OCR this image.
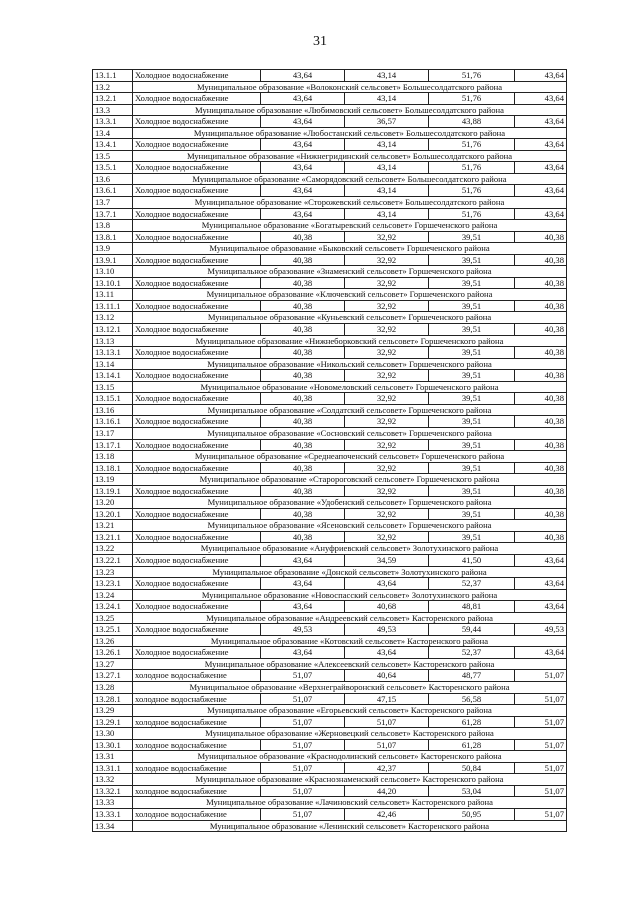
31
13.1.1	Холодное водоснабжение	43,64	43,14	51,76	43,64
13.2	Муниципальное образование «Волоконский сельсовет» Большесолдатского района
13.2.1	Холодное водоснабжение	43,64	43,14	51,76	43,64
13.3	Муниципальное образование «Любимовский сельсовет» Большесолдатского района
13.3.1	Холодное водоснабжение	43,64	36,57	43,88	43,64
13.4	Муниципальное образование «Любостанский сельсовет» Большесолдатского района
13.4.1	Холодное водоснабжение	43,64	43,14	51,76	43,64
13.5	Муниципальное образование «Нижнегридинский сельсовет» Большесолдатского района
13.5.1	Холодное водоснабжение	43,64	43,14	51,76	43,64
13.6	Муниципальное образование «Саморядовский сельсовет» Большесолдатского района
13.6.1	Холодное водоснабжение	43,64	43,14	51,76	43,64
13.7	Муниципальное образование «Сторожевский сельсовет» Большесолдатского района
13.7.1	Холодное водоснабжение	43,64	43,14	51,76	43,64
13.8	Муниципальное образование «Богатыревский сельсовет» Горшеченского района
13.8.1	Холодное водоснабжение	40,38	32,92	39,51	40,38
13.9	Муниципальное образование «Быковский сельсовет» Горшеченского района
13.9.1	Холодное водоснабжение	40,38	32,92	39,51	40,38
13.10	Муниципальное образование «Знаменский сельсовет» Горшеченского района
13.10.1	Холодное водоснабжение	40,38	32,92	39,51	40,38
13.11	Муниципальное образование «Ключевский сельсовет» Горшеченского района
13.11.1	Холодное водоснабжение	40,38	32,92	39,51	40,38
13.12	Муниципальное образование «Куньевский сельсовет» Горшеченского района
13.12.1	Холодное водоснабжение	40,38	32,92	39,51	40,38
13.13	Муниципальное образование «Нижнеборковский сельсовет» Горшеченского района
13.13.1	Холодное водоснабжение	40,38	32,92	39,51	40,38
13.14	Муниципальное образование «Никольский сельсовет» Горшеченского района
13.14.1	Холодное водоснабжение	40,38	32,92	39,51	40,38
13.15	Муниципальное образование «Новомеловский сельсовет» Горшеченского района
13.15.1	Холодное водоснабжение	40,38	32,92	39,51	40,38
13.16	Муниципальное образование «Солдатский сельсовет» Горшеченского района
13.16.1	Холодное водоснабжение	40,38	32,92	39,51	40,38
13.17	Муниципальное образование «Сосновский сельсовет» Горшеченского района
13.17.1	Холодное водоснабжение	40,38	32,92	39,51	40,38
13.18	Муниципальное образование «Среднеапоченский сельсовет» Горшеченского района
13.18.1	Холодное водоснабжение	40,38	32,92	39,51	40,38
13.19	Муниципальное образование «Старороговский сельсовет» Горшеченского района
13.19.1	Холодное водоснабжение	40,38	32,92	39,51	40,38
13.20	Муниципальное образование «Удобенский сельсовет» Горшеченского района
13.20.1	Холодное водоснабжение	40,38	32,92	39,51	40,38
13.21	Муниципальное образование «Ясеновский сельсовет» Горшеченского района
13.21.1	Холодное водоснабжение	40,38	32,92	39,51	40,38
13.22	Муниципальное образование «Ануфриевский сельсовет» Золотухинского района
13.22.1	Холодное водоснабжение	43,64	34,59	41,50	43,64
13.23	Муниципальное образование «Донской сельсовет» Золотухинского района
13.23.1	Холодное водоснабжение	43,64	43,64	52,37	43,64
13.24	Муниципальное образование «Новоспасский сельсовет» Золотухинского района
13.24.1	Холодное водоснабжение	43,64	40,68	48,81	43,64
13.25	Муниципальное образование «Андреевский сельсовет» Касторенского района
13.25.1	Холодное водоснабжение	49,53	49,53	59,44	49,53
13.26	Муниципальное образование «Котовский сельсовет» Касторенского района
13.26.1	Холодное водоснабжение	43,64	43,64	52,37	43,64
13.27	Муниципальное образование «Алексеевский сельсовет» Касторенского района
13.27.1	холодное водоснабжение	51,07	40,64	48,77	51,07
13.28	Муниципальное образование «Верхнеграйворонский сельсовет» Касторенского района
13.28.1	холодное водоснабжение	51,07	47,15	56,58	51,07
13.29	Муниципальное образование «Егорьевский сельсовет» Касторенского района
13.29.1	холодное водоснабжение	51,07	51,07	61,28	51,07
13.30	Муниципальное образование «Жерновецкий сельсовет» Касторенского района
13.30.1	холодное водоснабжение	51,07	51,07	61,28	51,07
13.31	Муниципальное образование «Краснодолинский сельсовет» Касторенского района
13.31.1	холодное водоснабжение	51,07	42,37	50,84	51,07
13.32	Муниципальное образование «Краснознаменский сельсовет» Касторенского района
13.32.1	холодное водоснабжение	51,07	44,20	53,04	51,07
13.33	Муниципальное образование «Лачиновский сельсовет» Касторенского района
13.33.1	холодное водоснабжение	51,07	42,46	50,95	51,07
13.34	Муниципальное образование «Ленинский сельсовет» Касторенского района
